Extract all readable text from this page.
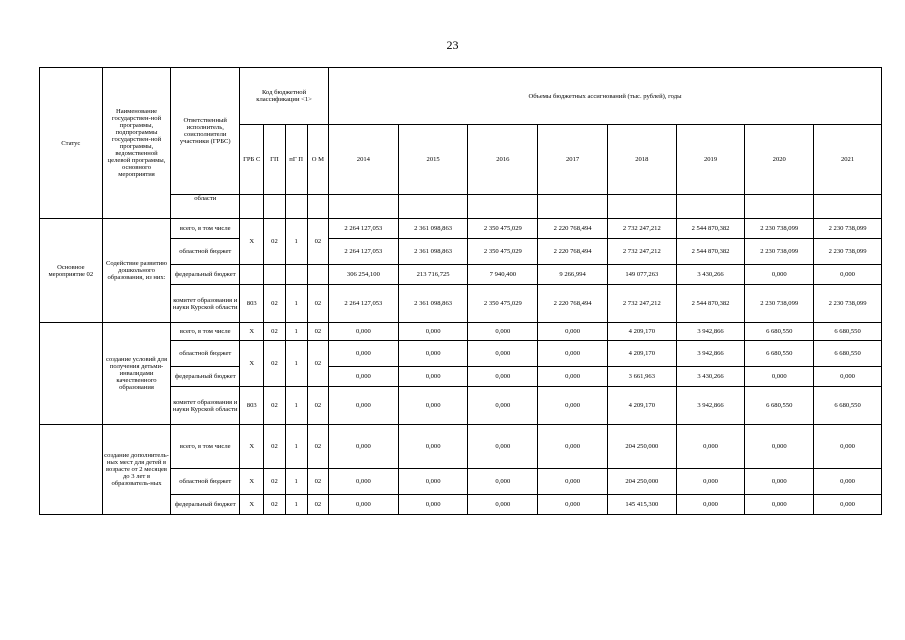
23
Статус	Наименование государствен-ной программы, подпрограммы государствен-ной программы, ведомственной целевой программы, основного мероприятия	Ответственный исполнитель, соисполнители участники (ГРБС)	Код бюджетной классификации <1>				Объемы бюджетных ассигнований (тыс. рублей), годы							
			ГРБ С	ГП	пГ П	О М	2014	2015	2016	2017	2018	2019	2020	2021
		области												
Основное мероприятие 02	Содействие развитию дошкольного образования, из них:	всего, в том числе	Х	02	1	02	2 264 127,053	2 361 098,863	2 350 475,029	2 220 768,494	2 732 247,212	2 544 870,382	2 230 738,099	2 230 738,099
		областной бюджет					2 264 127,053	2 361 098,863	2 350 475,029	2 220 768,494	2 732 247,212	2 544 870,382	2 230 738,099	2 230 738,099
		федеральный бюджет					306 254,100	213 716,725	7 940,400	9 266,994	149 077,263	3 430,266	0,000	0,000
		комитет образования и науки Курской области	803	02	1	02	2 264 127,053	2 361 098,863	2 350 475,029	2 220 768,494	2 732 247,212	2 544 870,382	2 230 738,099	2 230 738,099
	создание условий для получения детьми-инвалидами качественного образования	всего, в том числе	Х	02	1	02	0,000	0,000	0,000	0,000	4 209,170	3 942,866	6 680,550	6 680,550
		областной бюджет	Х	02	1	02	0,000	0,000	0,000	0,000	4 209,170	3 942,866	6 680,550	6 680,550
		федеральный бюджет					0,000	0,000	0,000	0,000	3 661,963	3 430,266	0,000	0,000
		комитет образования и науки Курской области	803	02	1	02	0,000	0,000	0,000	0,000	4 209,170	3 942,866	6 680,550	6 680,550
	создание дополнитель-ных мест для детей в возрасте от 2 месяцев до 3 лет в образователь-ных	всего, в том числе	Х	02	1	02	0,000	0,000	0,000	0,000	204 250,000	0,000	0,000	0,000
		областной бюджет	Х	02	1	02	0,000	0,000	0,000	0,000	204 250,000	0,000	0,000	0,000
		федеральный бюджет	Х	02	1	02	0,000	0,000	0,000	0,000	145 415,300	0,000	0,000	0,000
